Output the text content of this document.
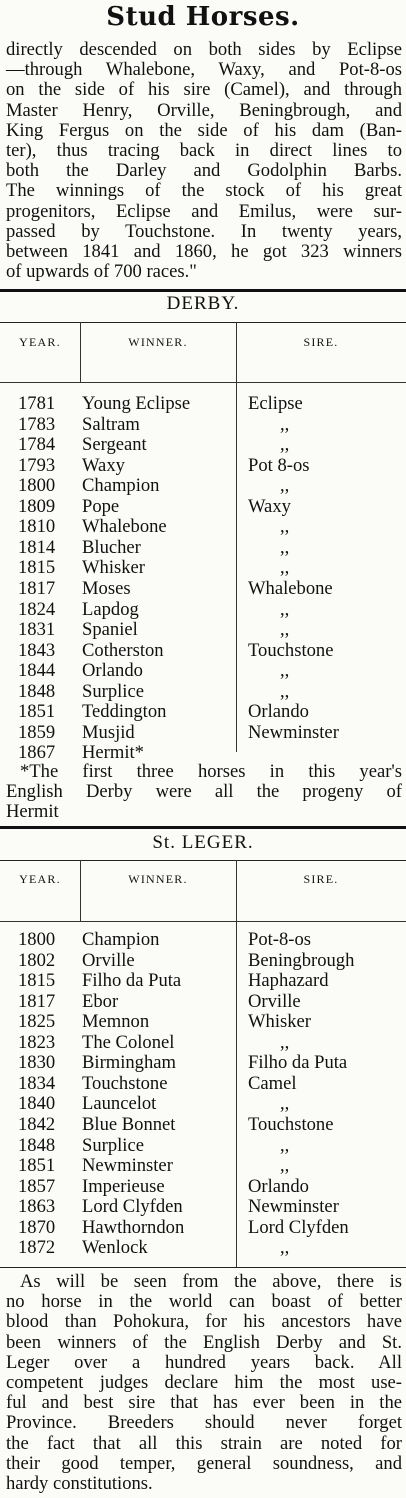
Stud Horses.
directly descended on both sides by Eclipse
—through Whalebone, Waxy, and Pot-8-os
on the side of his sire (Camel), and through
Master Henry, Orville, Beningbrough, and
King Fergus on the side of his dam (Ban-
ter), thus tracing back in direct lines to
both the Darley and Godolphin Barbs.
The winnings of the stock of his great
progenitors, Eclipse and Emilus, were sur-
passed by Touchstone. In twenty years,
between 1841 and 1860, he got 323 winners
of upwards of 700 races."
DERBY.
YEAR.	WINNER.	SIRE.
1781 Young Eclipse	Eclipse
1783 Saltram	,,
1784 Sergeant	,,
1793 Waxy	Pot 8-os
1800 Champion	,,
1809 Pope	Waxy
1810 Whalebone	,,
1814 Blucher	,,
1815 Whisker	,,
1817 Moses	Whalebone
1824 Lapdog	,,
1831 Spaniel	,,
1843 Cotherston	Touchstone
1844 Orlando	,,
1848 Surplice	,,
1851 Teddington	Orlando
1859 Musjid	Newminster
1867 Hermit*
*The first three horses in this year's
English Derby were all the progeny of
Hermit
St. LEGER.
YEAR.	WINNER.	SIRE.
1800 Champion	Pot-8-os
1802 Orville	Beningbrough
1815 Filho da Puta	Haphazard
1817 Ebor	Orville
1825 Memnon	Whisker
1823 The Colonel	,,
1830 Birmingham	Filho da Puta
1834 Touchstone	Camel
1840 Launcelot	,,
1842 Blue Bonnet	Touchstone
1848 Surplice	,,
1851 Newminster	,,
1857 Imperieuse	Orlando
1863 Lord Clyfden	Newminster
1870 Hawthorndon	Lord Clyfden
1872 Wenlock	,,
As will be seen from the above, there is
no horse in the world can boast of better
blood than Pohokura, for his ancestors have
been winners of the English Derby and St.
Leger over a hundred years back. All
competent judges declare him the most use-
ful and best sire that has ever been in the
Province. Breeders should never forget
the fact that all this strain are noted for
their good temper, general soundness, and
hardy constitutions.
